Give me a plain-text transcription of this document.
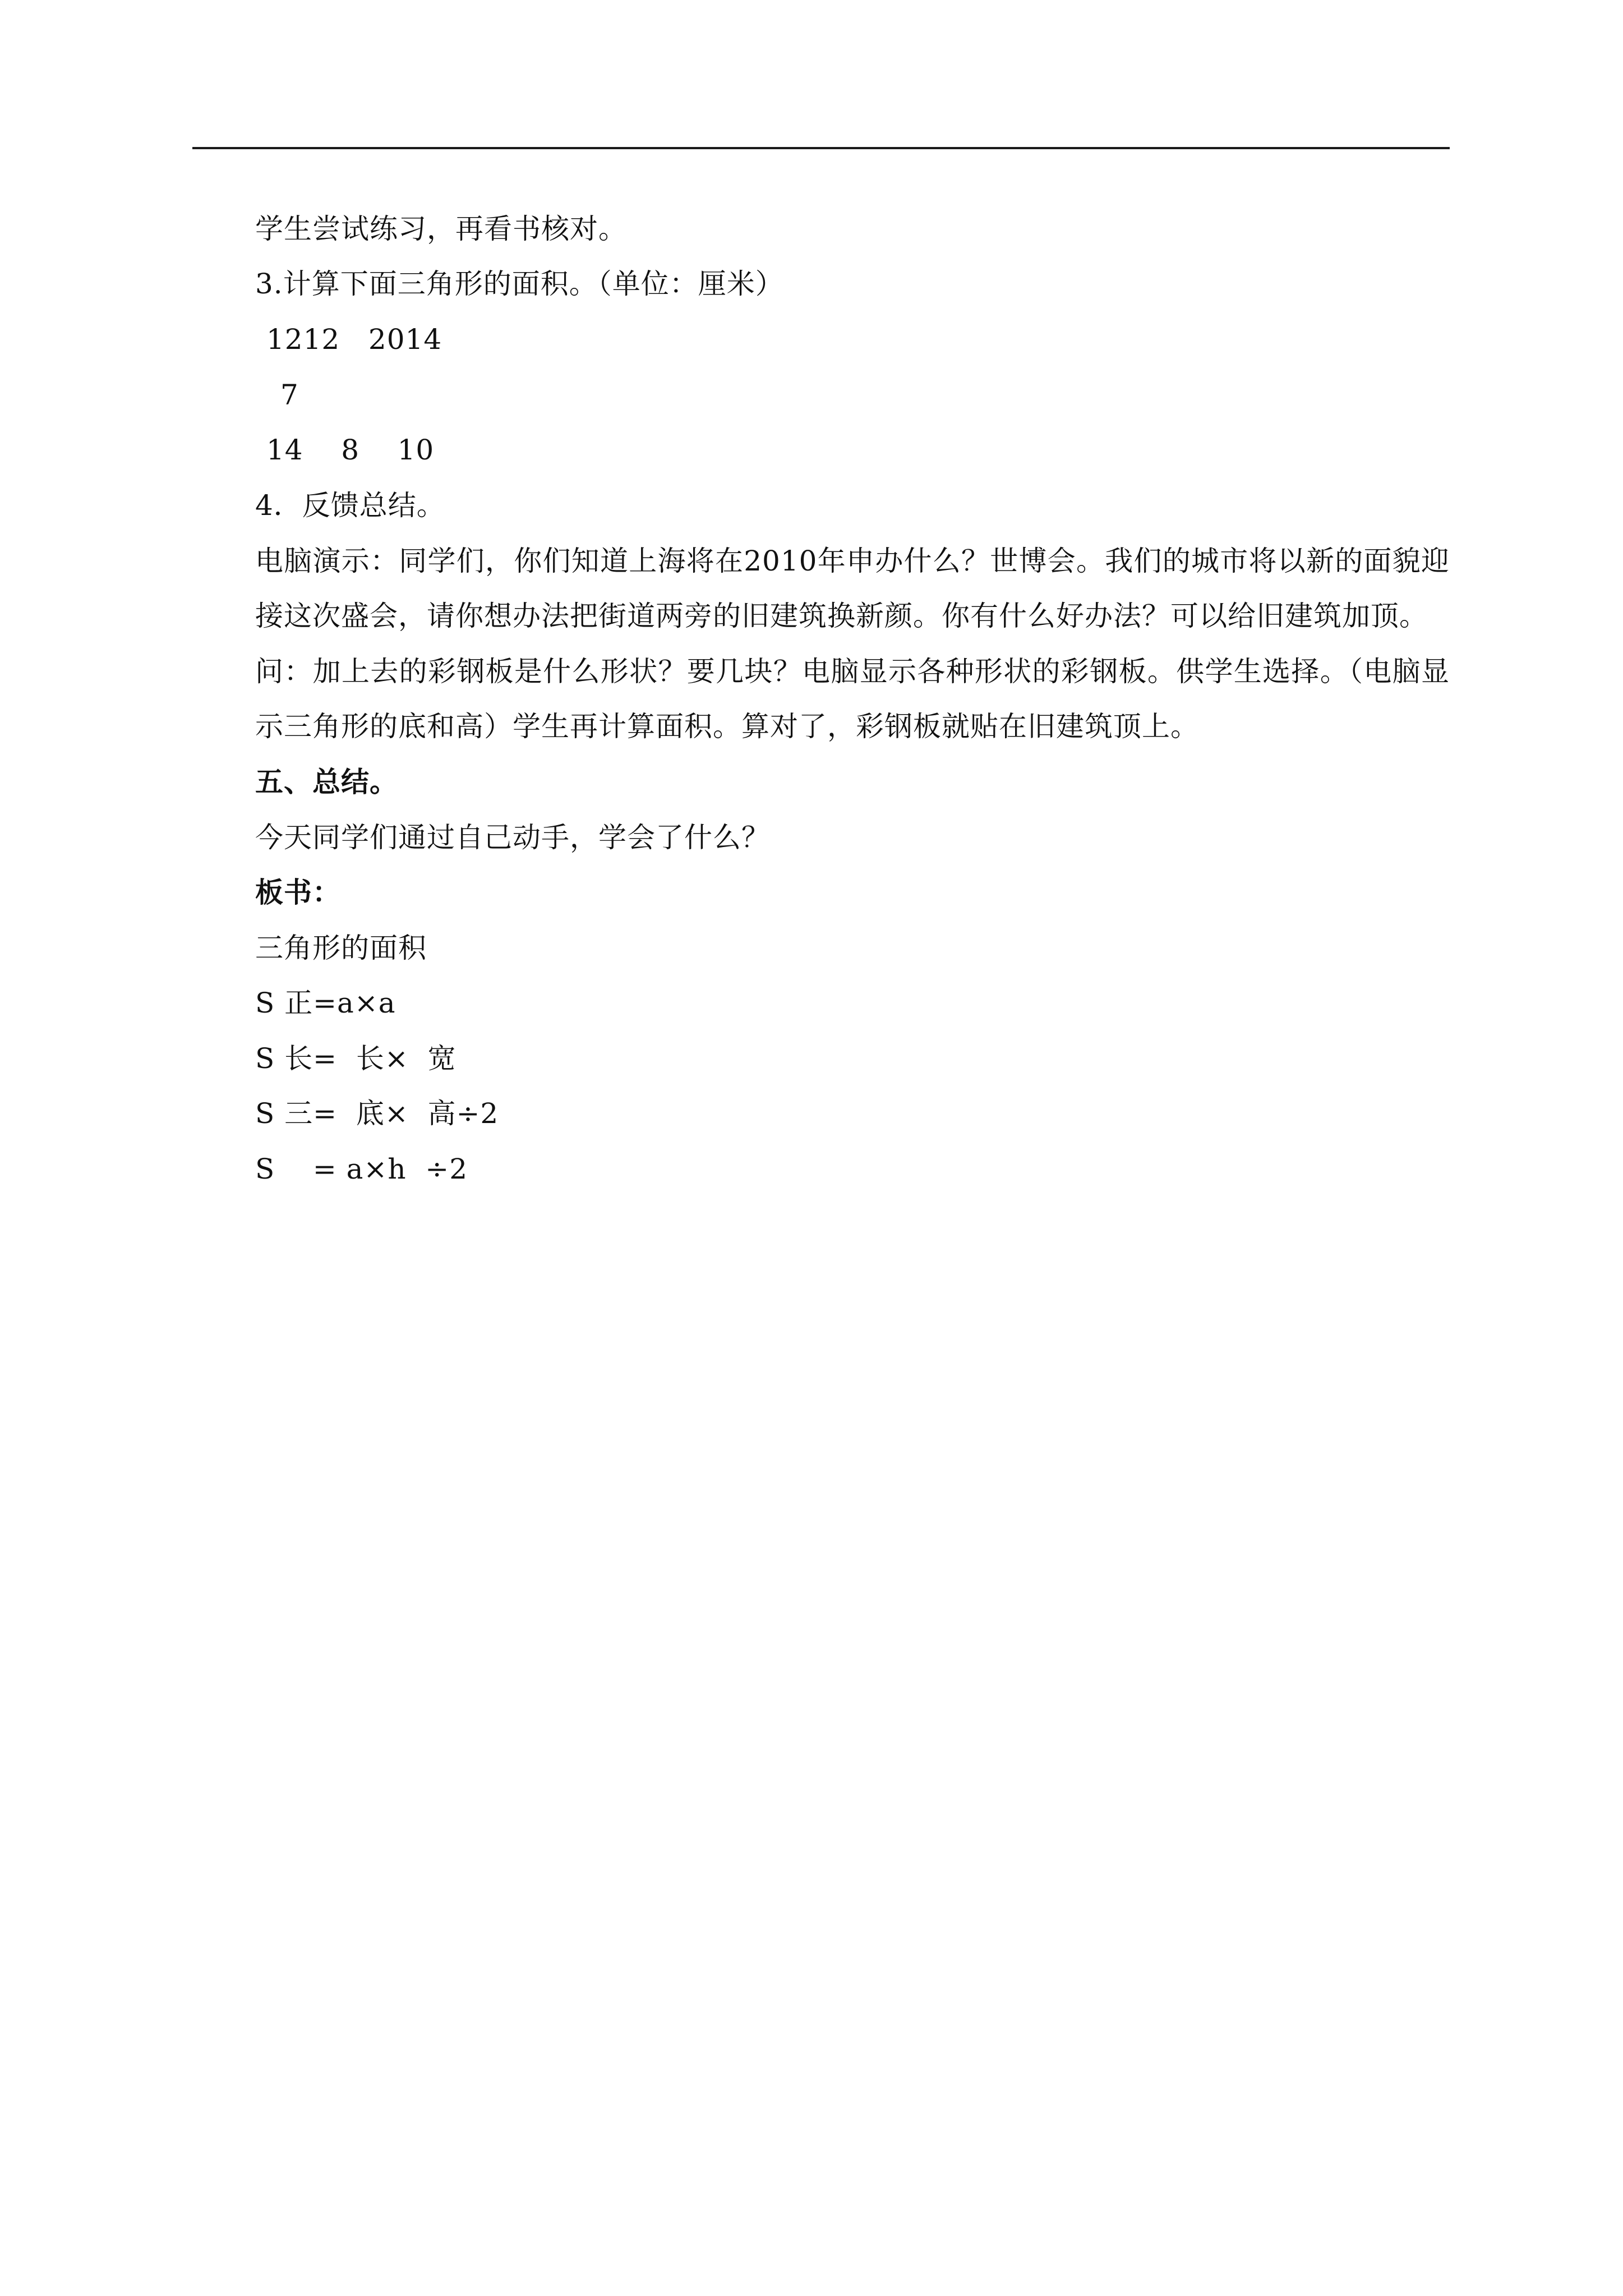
学生尝试练习，再看书核对。
3.计算下面三角形的面积。（单位：厘米）
1212   2014
7
14    8    10
4．反馈总结。
电脑演示：同学们，你们知道上海将在2010年申办什么？世博会。我们的城市将以新的面貌迎接这次盛会，请你想办法把街道两旁的旧建筑换新颜。你有什么好办法？可以给旧建筑加顶。
问：加上去的彩钢板是什么形状？要几块？电脑显示各种形状的彩钢板。供学生选择。（电脑显示三角形的底和高）学生再计算面积。算对了，彩钢板就贴在旧建筑顶上。
五、总结。
今天同学们通过自己动手，学会了什么？
板书：
三角形的面积
S 正=a×a
S 长=  长×  宽
S 三=  底×  高÷2
S    = a×h  ÷2
